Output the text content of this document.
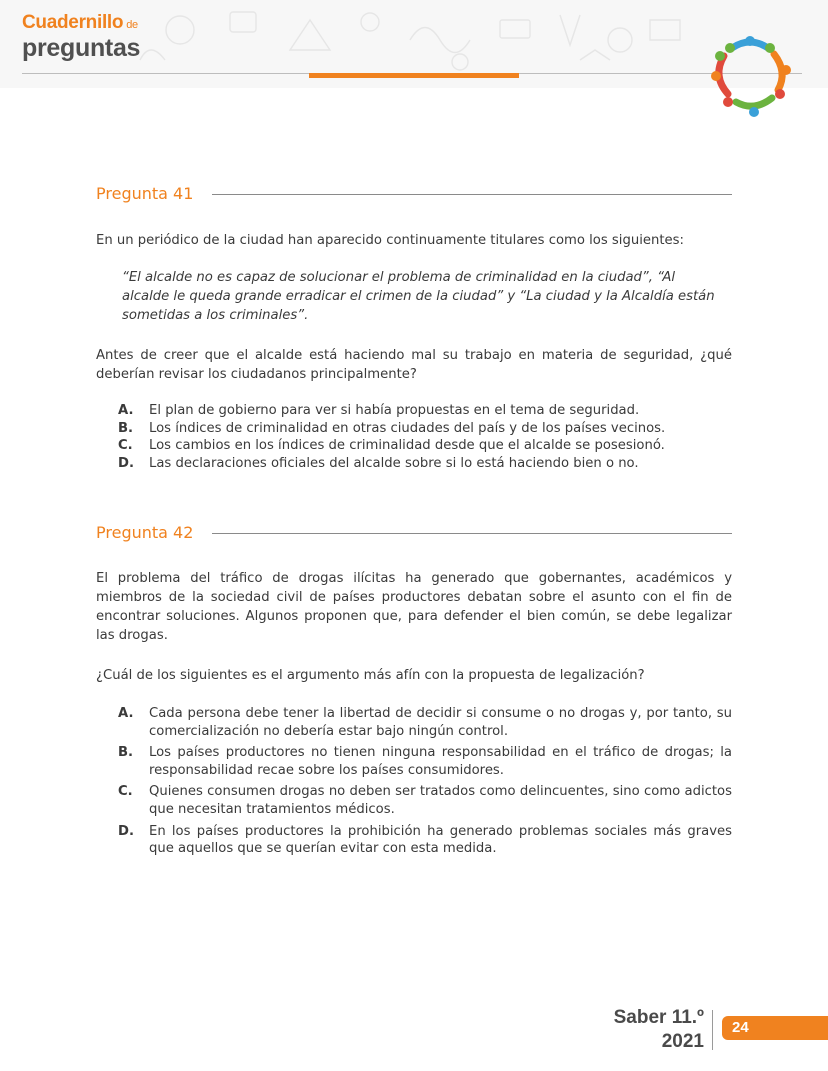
Cuadernillo de
preguntas
Pregunta 41

En un periódico de la ciudad han aparecido continuamente titulares como los siguientes:

“El alcalde no es capaz de solucionar el problema de criminalidad en la ciudad”, “Al alcalde le queda grande erradicar el crimen de la ciudad” y “La ciudad y la Alcaldía están sometidas a los criminales”.

Antes de creer que el alcalde está haciendo mal su trabajo en materia de seguridad, ¿qué deberían revisar los ciudadanos principalmente?

A. El plan de gobierno para ver si había propuestas en el tema de seguridad.
B. Los índices de criminalidad en otras ciudades del país y de los países vecinos.
C. Los cambios en los índices de criminalidad desde que el alcalde se posesionó.
D. Las declaraciones oficiales del alcalde sobre si lo está haciendo bien o no.
Pregunta 42

El problema del tráfico de drogas ilícitas ha generado que gobernantes, académicos y miembros de la sociedad civil de países productores debatan sobre el asunto con el fin de encontrar soluciones. Algunos proponen que, para defender el bien común, se debe legalizar las drogas.

¿Cuál de los siguientes es el argumento más afín con la propuesta de legalización?

A. Cada persona debe tener la libertad de decidir si consume o no drogas y, por tanto, su comercialización no debería estar bajo ningún control.
B. Los países productores no tienen ninguna responsabilidad en el tráfico de drogas; la responsabilidad recae sobre los países consumidores.
C. Quienes consumen drogas no deben ser tratados como delincuentes, sino como adictos que necesitan tratamientos médicos.
D. En los países productores la prohibición ha generado problemas sociales más graves que aquellos que se querían evitar con esta medida.
Saber 11.º
2021
24
